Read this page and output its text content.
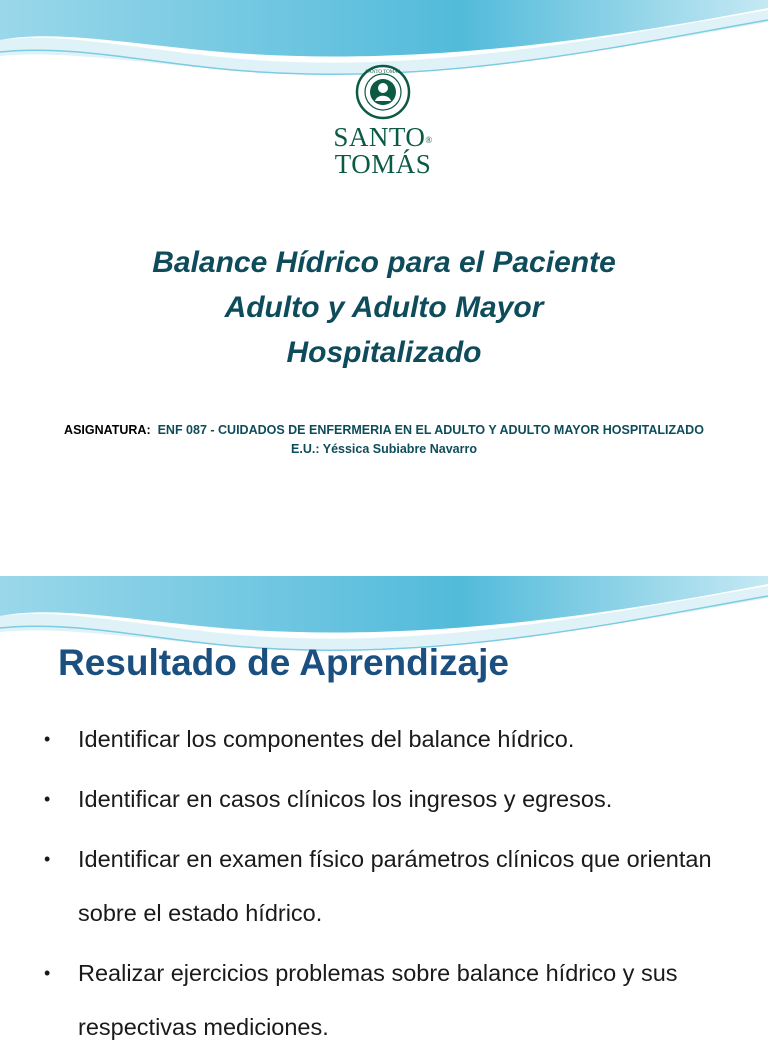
SANTO TOMÁS
SANTO®
TOMÁS
Balance Hídrico para el Paciente
Adulto y Adulto Mayor
Hospitalizado
ASIGNATURA: ENF 087 - CUIDADOS DE ENFERMERIA EN EL ADULTO Y ADULTO MAYOR HOSPITALIZADO
E.U.: Yéssica Subiabre Navarro
Resultado de Aprendizaje
• Identificar los componentes del balance hídrico.
• Identificar en casos clínicos los ingresos y egresos.
• Identificar en examen físico parámetros clínicos que orientan sobre el estado hídrico.
• Realizar ejercicios problemas sobre balance hídrico y sus respectivas mediciones.
